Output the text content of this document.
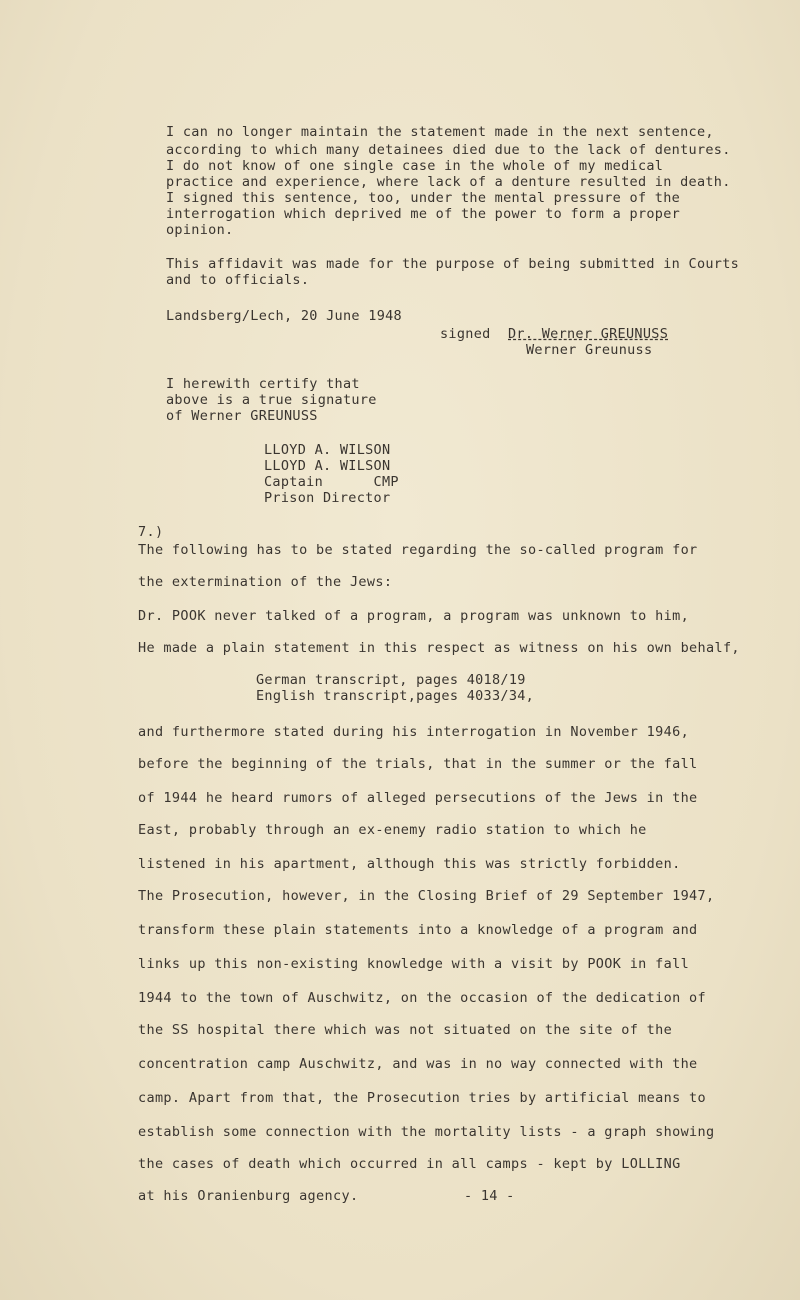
I can no longer maintain the statement made in the next sentence,
according to which many detainees died due to the lack of dentures.
I do not know of one single case in the whole of my medical
practice and experience, where lack of a denture resulted in death.
I signed this sentence, too, under the mental pressure of the
interrogation which deprived me of the power to form a proper
opinion.
This affidavit was made for the purpose of being submitted in Courts
and to officials.
Landsberg/Lech, 20 June 1948
signed Dr. Werner GREUNUSS
Werner Greunuss
I herewith certify that
above is a true signature
of Werner GREUNUSS
LLOYD A. WILSON
LLOYD A. WILSON
Captain      CMP
Prison Director
7.)
The following has to be stated regarding the so-called program for
the extermination of the Jews:
Dr. POOK never talked of a program, a program was unknown to him,
He made a plain statement in this respect as witness on his own behalf,
German transcript, pages 4018/19
English transcript,pages 4033/34,
and furthermore stated during his interrogation in November 1946,
before the beginning of the trials, that in the summer or the fall
of 1944 he heard rumors of alleged persecutions of the Jews in the
East, probably through an ex-enemy radio station to which he
listened in his apartment, although this was strictly forbidden.
The Prosecution, however, in the Closing Brief of 29 September 1947,
transform these plain statements into a knowledge of a program and
links up this non-existing knowledge with a visit by POOK in fall
1944 to the town of Auschwitz, on the occasion of the dedication of
the SS hospital there which was not situated on the site of the
concentration camp Auschwitz, and was in no way connected with the
camp. Apart from that, the Prosecution tries by artificial means to
establish some connection with the mortality lists - a graph showing
the cases of death which occurred in all camps - kept by LOLLING
at his Oranienburg agency.	- 14 -
